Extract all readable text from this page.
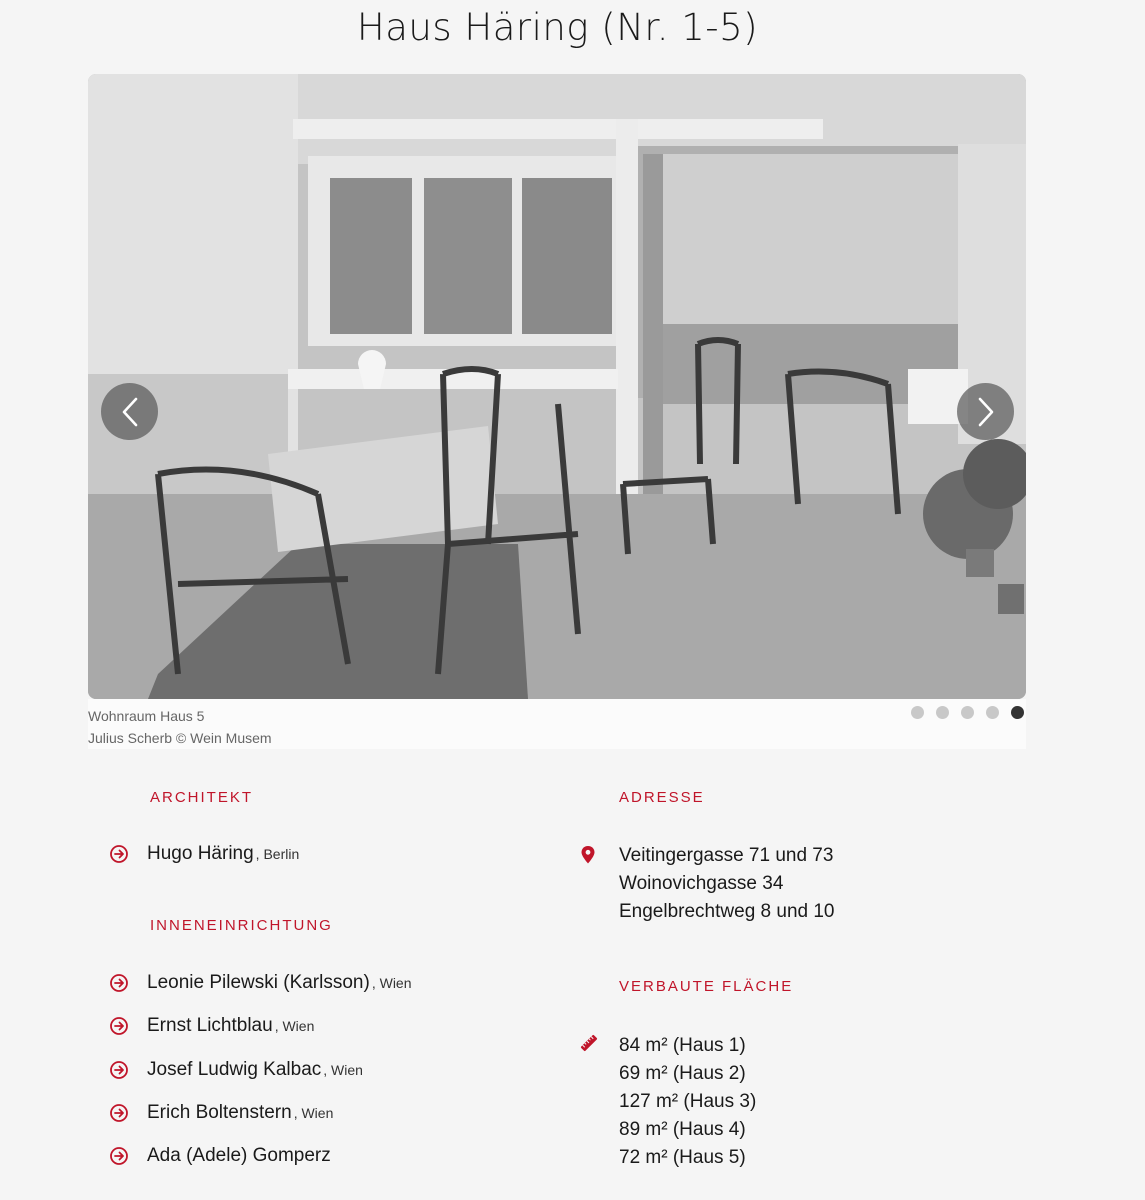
Haus Häring (Nr. 1-5)
Wohnraum Haus 5
Julius Scherb © Wein Musem
ARCHITEKT
Hugo Häring , Berlin
INNENEINRICHTUNG
Leonie Pilewski (Karlsson) , Wien
Ernst Lichtblau , Wien
Josef Ludwig Kalbac , Wien
Erich Boltenstern , Wien
Ada (Adele) Gomperz
ADRESSE
Veitingergasse 71 und 73
Woinovichgasse 34
Engelbrechtweg 8 und 10
VERBAUTE FLÄCHE
84 m² (Haus 1)
69 m² (Haus 2)
127 m² (Haus 3)
89 m² (Haus 4)
72 m² (Haus 5)
